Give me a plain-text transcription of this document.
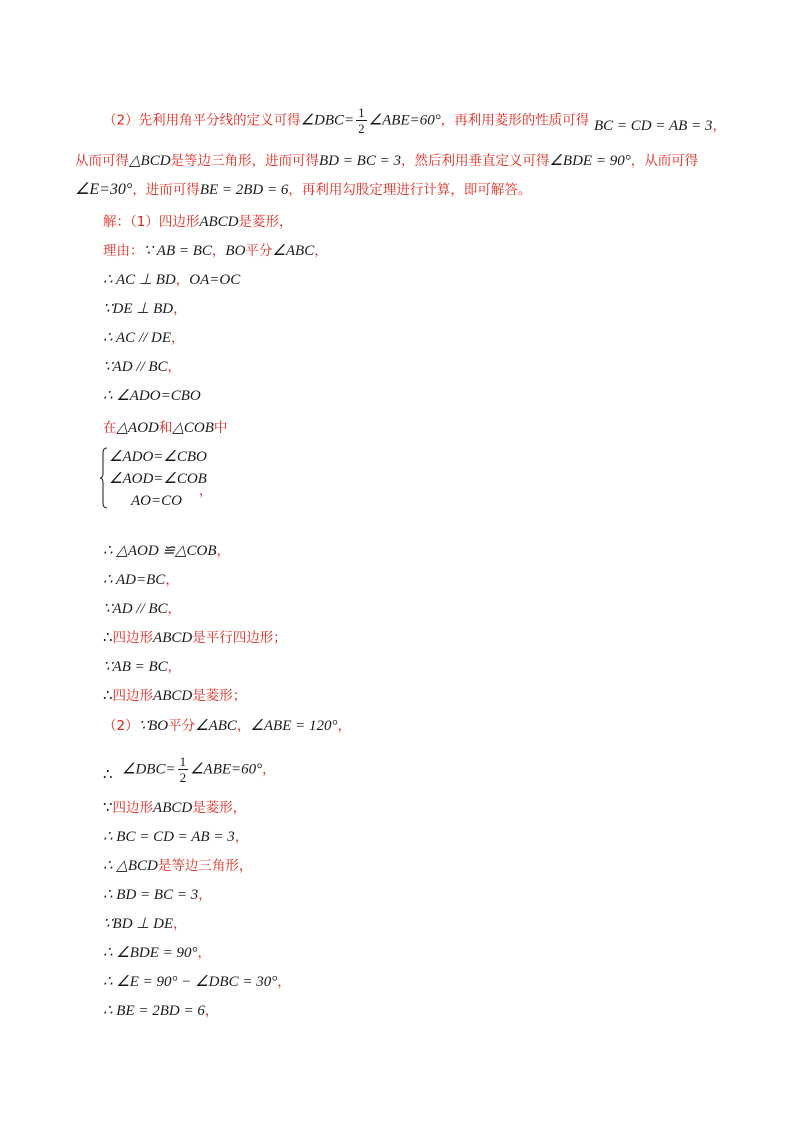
（2）先利用角平分线的定义可得∠DBC= $\frac{1}{2}$ ∠ABE=60°，再利用菱形的性质可得 BC = CD = AB = 3，
从而可得△BCD是等边三角形，进而可得BD = BC = 3，然后利用垂直定义可得∠BDE = 90°，从而可得
∠E=30°，进而可得BE = 2BD = 6，再利用勾股定理进行计算，即可解答。
解：（1）四边形ABCD是菱形，
理由：∵ AB = BC，BO平分∠ABC，
∴ AC ⊥ BD，OA=OC
∵DE ⊥ BD，
∴ AC // DE，
∵AD // BC，
∴ ∠ADO=CBO
在△AOD和△COB中
∠ADO=∠CBO
∠AOD=∠COB
AO=CO
，
∴ △AOD ≌△COB，
∴ AD=BC，
∵AD // BC，
∴四边形ABCD是平行四边形；
∵AB = BC，
∴四边形ABCD是菱形；
（2）∵BO平分∠ABC，∠ABE = 120°，
∴ ∠DBC= $\frac{1}{2}$ ∠ABE=60°，
∵四边形ABCD是菱形，
∴ BC = CD = AB = 3，
∴ △BCD是等边三角形，
∴ BD = BC = 3，
∵BD ⊥ DE，
∴ ∠BDE = 90°，
∴ ∠E = 90° − ∠DBC = 30°，
∴ BE = 2BD = 6，
